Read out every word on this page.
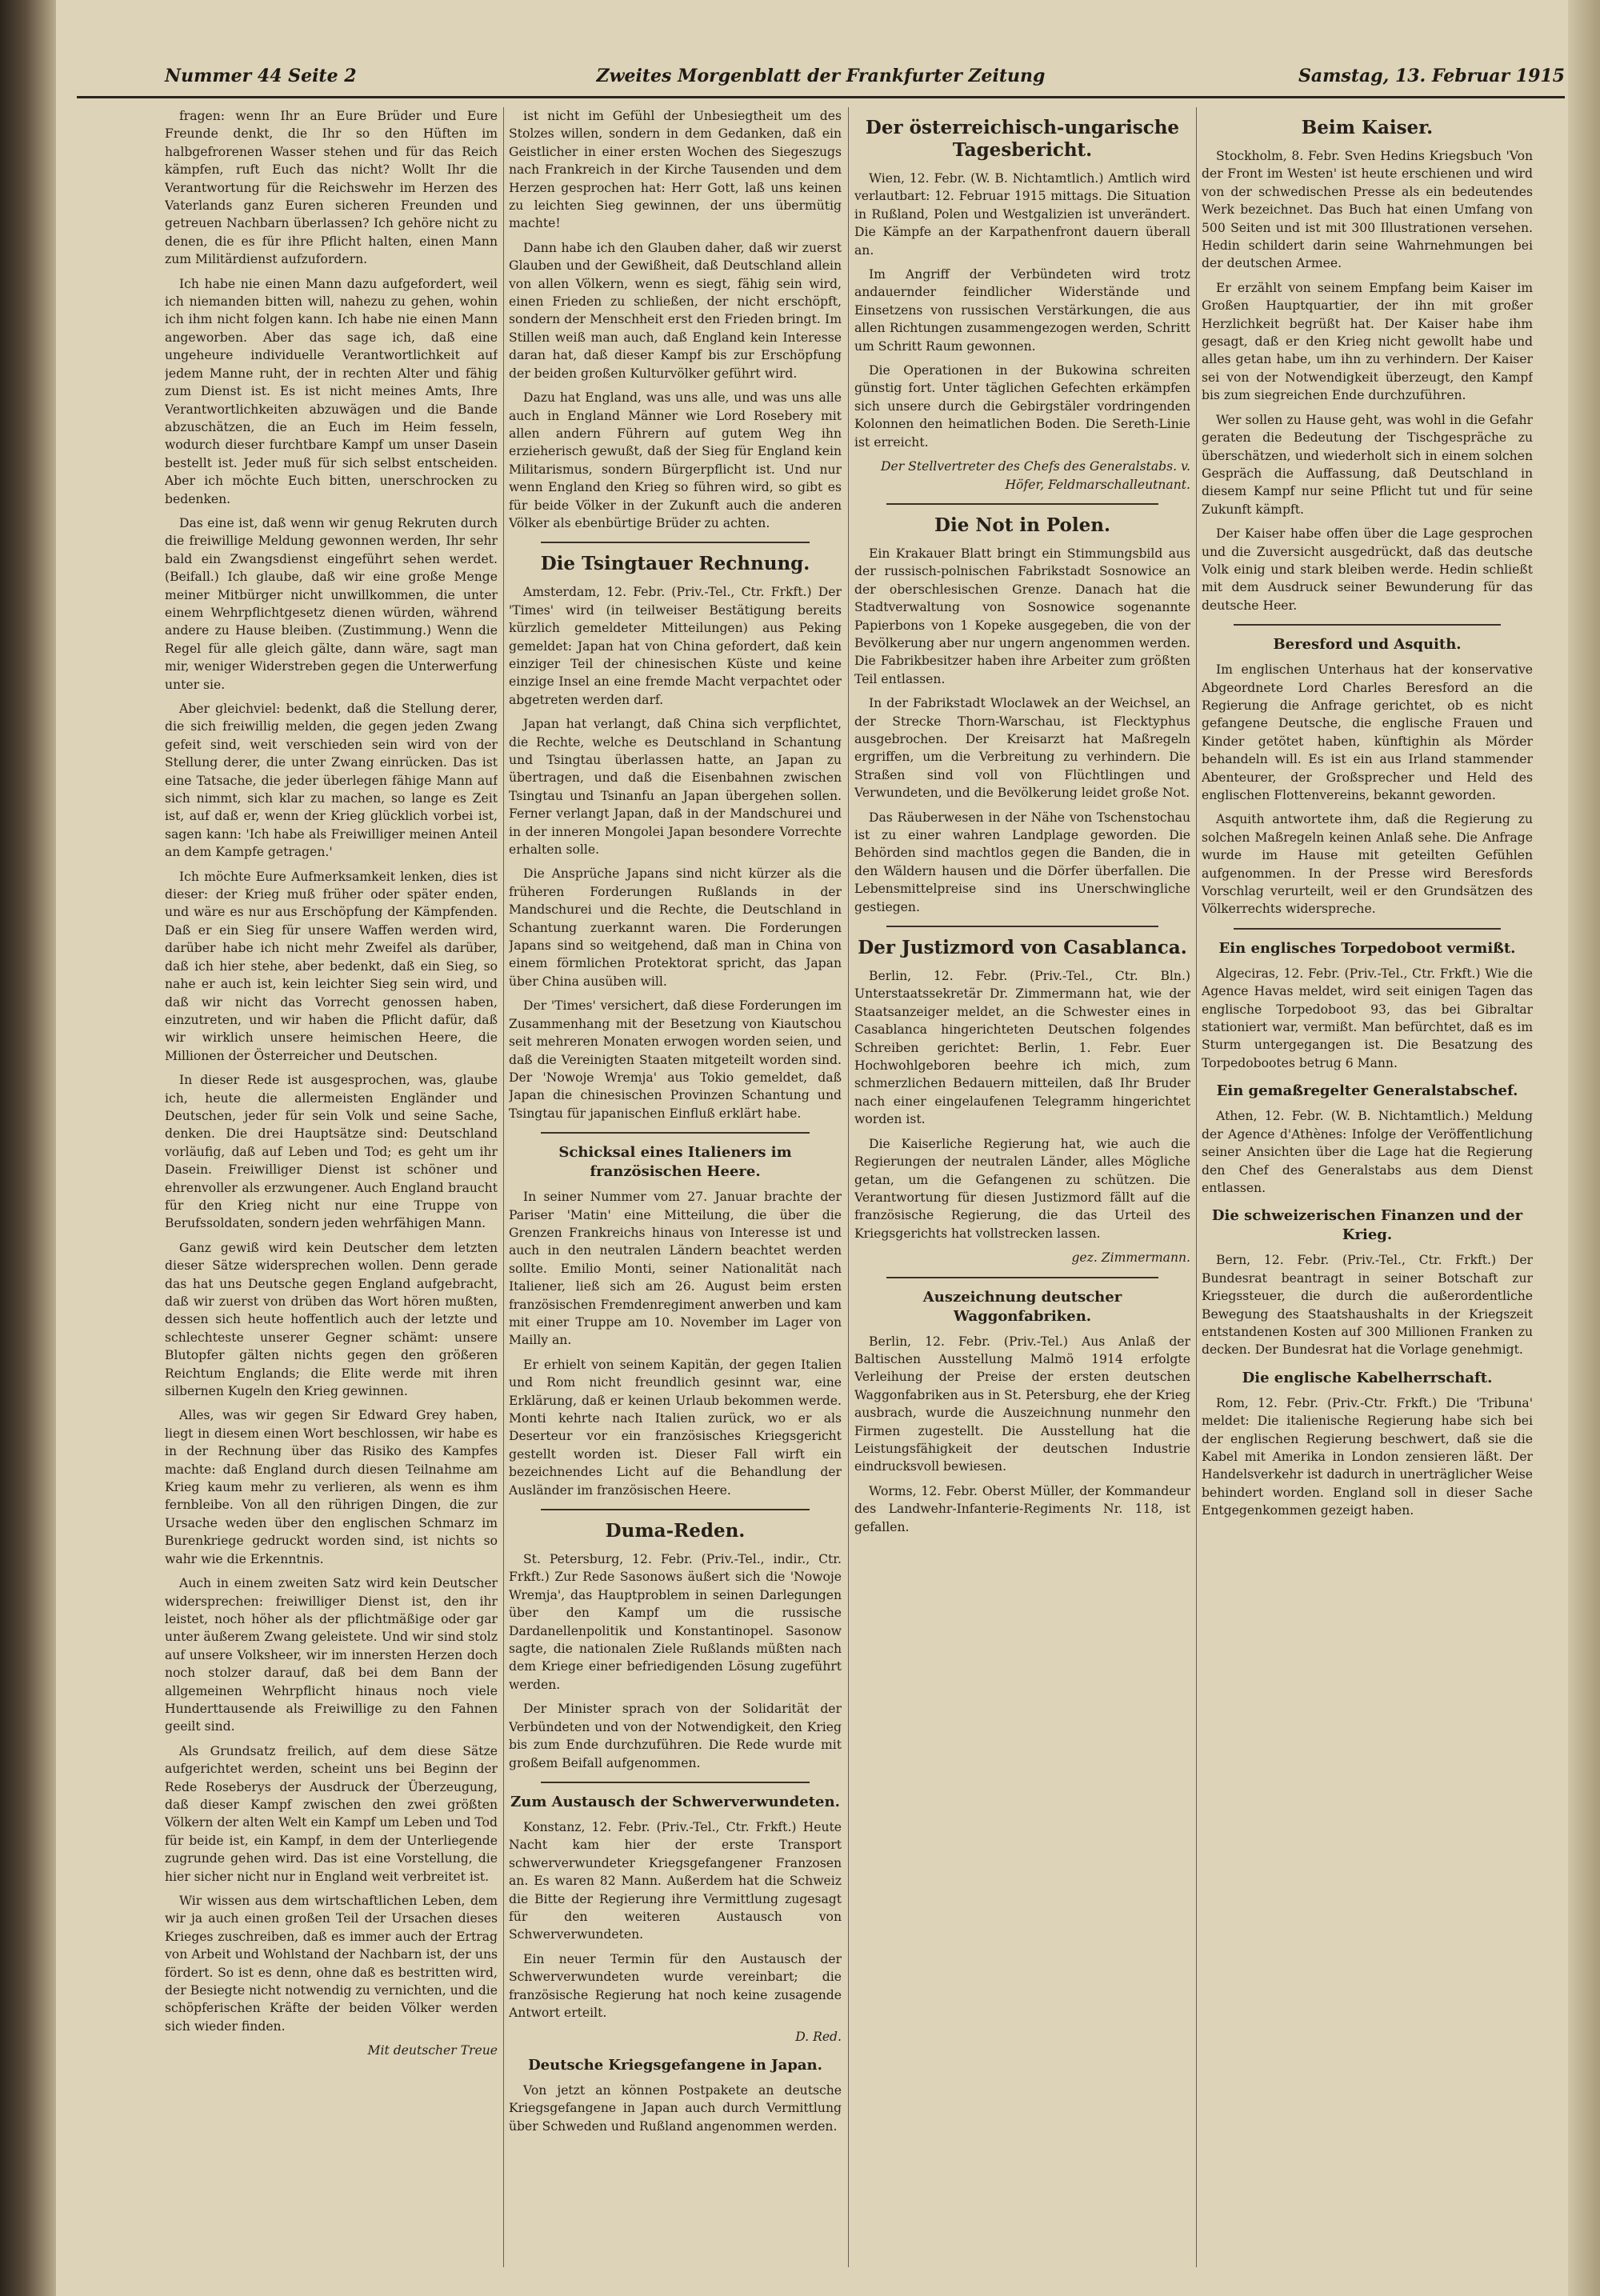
Nummer 44 Seite 2	Zweites Morgenblatt der Frankfurter Zeitung	Samstag, 13. Februar 1915

fragen: wenn Ihr an Eure Brüder und Eure Freunde denkt, die Ihr so den Hüften im halbgefrorenen Wasser stehen und für das Reich kämpfen, ruft Euch das nicht? Wollt Ihr die Verantwortung für die Reichswehr im Herzen des Vaterlands ganz Euren sicheren Freunden und getreuen Nachbarn überlassen? Ich gehöre nicht zu denen, die es für ihre Pflicht halten, einen Mann zum Militärdienst aufzufordern.

Ich habe nie einen Mann dazu aufgefordert, weil ich niemanden bitten will, nahezu zu gehen, wohin ich ihm nicht folgen kann. Ich habe nie einen Mann angeworben. Aber das sage ich, daß eine ungeheure individuelle Verantwortlichkeit auf jedem Manne ruht, der in rechten Alter und fähig zum Dienst ist. Es ist nicht meines Amts, Ihre Verantwortlichkeiten abzuwägen und die Bande abzuschätzen, die an Euch im Heim fesseln, wodurch dieser furchtbare Kampf um unser Dasein bestellt ist. Jeder muß für sich selbst entscheiden. Aber ich möchte Euch bitten, unerschrocken zu bedenken.

Das eine ist, daß wenn wir genug Rekruten durch die freiwillige Meldung gewonnen werden, Ihr sehr bald ein Zwangsdienst eingeführt sehen werdet. (Beifall.) Ich glaube, daß wir eine große Menge meiner Mitbürger nicht unwillkommen, die unter einem Wehrpflichtgesetz dienen würden, während andere zu Hause bleiben. (Zustimmung.) Wenn die Regel für alle gleich gälte, dann wäre, sagt man mir, weniger Widerstreben gegen die Unterwerfung unter sie.

Aber gleichviel: bedenkt, daß die Stellung derer, die sich freiwillig melden, die gegen jeden Zwang gefeit sind, weit verschieden sein wird von der Stellung derer, die unter Zwang einrücken. Das ist eine Tatsache, die jeder überlegen fähige Mann auf sich nimmt, sich klar zu machen, so lange es Zeit ist, auf daß er, wenn der Krieg glücklich vorbei ist, sagen kann: 'Ich habe als Freiwilliger meinen Anteil an dem Kampfe getragen.'

Ich möchte Eure Aufmerksamkeit lenken, dies ist dieser: der Krieg muß früher oder später enden, und wäre es nur aus Erschöpfung der Kämpfenden. Daß er ein Sieg für unsere Waffen werden wird, darüber habe ich nicht mehr Zweifel als darüber, daß ich hier stehe, aber bedenkt, daß ein Sieg, so nahe er auch ist, kein leichter Sieg sein wird, und daß wir nicht das Vorrecht genossen haben, einzutreten, und wir haben die Pflicht dafür, daß wir wirklich unsere heimischen Heere, die Millionen der Österreicher und Deutschen.

In dieser Rede ist ausgesprochen, was, glaube ich, heute die allermeisten Engländer und Deutschen, jeder für sein Volk und seine Sache, denken. Die drei Hauptsätze sind: Deutschland vorläufig, daß auf Leben und Tod; es geht um ihr Dasein. Freiwilliger Dienst ist schöner und ehrenvoller als erzwungener. Auch England braucht für den Krieg nicht nur eine Truppe von Berufssoldaten, sondern jeden wehrfähigen Mann.

Ganz gewiß wird kein Deutscher dem letzten dieser Sätze widersprechen wollen. Denn gerade das hat uns Deutsche gegen England aufgebracht, daß wir zuerst von drüben das Wort hören mußten, dessen sich heute hoffentlich auch der letzte und schlechteste unserer Gegner schämt: unsere Blutopfer gälten nichts gegen den größeren Reichtum Englands; die Elite werde mit ihren silbernen Kugeln den Krieg gewinnen.

Alles, was wir gegen Sir Edward Grey haben, liegt in diesem einen Wort beschlossen, wir habe es in der Rechnung über das Risiko des Kampfes machte: daß England durch diesen Teilnahme am Krieg kaum mehr zu verlieren, als wenn es ihm fernbleibe. Von all den rührigen Dingen, die zur Ursache weden über den englischen Schmarz im Burenkriege gedruckt worden sind, ist nichts so wahr wie die Erkenntnis.

Auch in einem zweiten Satz wird kein Deutscher widersprechen: freiwilliger Dienst ist, den ihr leistet, noch höher als der pflichtmäßige oder gar unter äußerem Zwang geleistete. Und wir sind stolz auf unsere Volksheer, wir im innersten Herzen doch noch stolzer darauf, daß bei dem Bann der allgemeinen Wehrpflicht hinaus noch viele Hunderttausende als Freiwillige zu den Fahnen geeilt sind.

Als Grundsatz freilich, auf dem diese Sätze aufgerichtet werden, scheint uns bei Beginn der Rede Roseberys der Ausdruck der Überzeugung, daß dieser Kampf zwischen den zwei größten Völkern der alten Welt ein Kampf um Leben und Tod für beide ist, ein Kampf, in dem der Unterliegende zugrunde gehen wird. Das ist eine Vorstellung, die hier sicher nicht nur in England weit verbreitet ist.

Wir wissen aus dem wirtschaftlichen Leben, dem wir ja auch einen großen Teil der Ursachen dieses Krieges zuschreiben, daß es immer auch der Ertrag von Arbeit und Wohlstand der Nachbarn ist, der uns fördert. So ist es denn, ohne daß es bestritten wird, der Besiegte nicht notwendig zu vernichten, und die schöpferischen Kräfte der beiden Völker werden sich wieder finden.

Mit deutscher Treue

ist nicht im Gefühl der Unbesiegtheit um des Stolzes willen, sondern in dem Gedanken, daß ein Geistlicher in einer ersten Wochen des Siegeszugs nach Frankreich in der Kirche Tausenden und dem Herzen gesprochen hat: Herr Gott, laß uns keinen zu leichten Sieg gewinnen, der uns übermütig machte!

Dann habe ich den Glauben daher, daß wir zuerst Glauben und der Gewißheit, daß Deutschland allein von allen Völkern, wenn es siegt, fähig sein wird, einen Frieden zu schließen, der nicht erschöpft, sondern der Menschheit erst den Frieden bringt. Im Stillen weiß man auch, daß England kein Interesse daran hat, daß dieser Kampf bis zur Erschöpfung der beiden großen Kulturvölker geführt wird.

Dazu hat England, was uns alle, und was uns alle auch in England Männer wie Lord Rosebery mit allen andern Führern auf gutem Weg ihn erzieherisch gewußt, daß der Sieg für England kein Militarismus, sondern Bürgerpflicht ist. Und nur wenn England den Krieg so führen wird, so gibt es für beide Völker in der Zukunft auch die anderen Völker als ebenbürtige Brüder zu achten.

Die Tsingtauer Rechnung.

Amsterdam, 12. Febr. (Priv.-Tel., Ctr. Frkft.) Der 'Times' wird (in teilweiser Bestätigung bereits kürzlich gemeldeter Mitteilungen) aus Peking gemeldet: Japan hat von China gefordert, daß kein einziger Teil der chinesischen Küste und keine einzige Insel an eine fremde Macht verpachtet oder abgetreten werden darf.

Japan hat verlangt, daß China sich verpflichtet, die Rechte, welche es Deutschland in Schantung und Tsingtau überlassen hatte, an Japan zu übertragen, und daß die Eisenbahnen zwischen Tsingtau und Tsinanfu an Japan übergehen sollen. Ferner verlangt Japan, daß in der Mandschurei und in der inneren Mongolei Japan besondere Vorrechte erhalten solle.

Die Ansprüche Japans sind nicht kürzer als die früheren Forderungen Rußlands in der Mandschurei und die Rechte, die Deutschland in Schantung zuerkannt waren. Die Forderungen Japans sind so weitgehend, daß man in China von einem förmlichen Protektorat spricht, das Japan über China ausüben will.

Der 'Times' versichert, daß diese Forderungen im Zusammenhang mit der Besetzung von Kiautschou seit mehreren Monaten erwogen worden seien, und daß die Vereinigten Staaten mitgeteilt worden sind. Der 'Nowoje Wremja' aus Tokio gemeldet, daß Japan die chinesischen Provinzen Schantung und Tsingtau für japanischen Einfluß erklärt habe.

Schicksal eines Italieners im französischen Heere.

In seiner Nummer vom 27. Januar brachte der Pariser 'Matin' eine Mitteilung, die über die Grenzen Frankreichs hinaus von Interesse ist und auch in den neutralen Ländern beachtet werden sollte. Emilio Monti, seiner Nationalität nach Italiener, ließ sich am 26. August beim ersten französischen Fremdenregiment anwerben und kam mit einer Truppe am 10. November im Lager von Mailly an.

Er erhielt von seinem Kapitän, der gegen Italien und Rom nicht freundlich gesinnt war, eine Erklärung, daß er keinen Urlaub bekommen werde. Monti kehrte nach Italien zurück, wo er als Deserteur vor ein französisches Kriegsgericht gestellt worden ist. Dieser Fall wirft ein bezeichnendes Licht auf die Behandlung der Ausländer im französischen Heere.

Duma-Reden.

St. Petersburg, 12. Febr. (Priv.-Tel., indir., Ctr. Frkft.) Zur Rede Sasonows äußert sich die 'Nowoje Wremja', das Hauptproblem in seinen Darlegungen über den Kampf um die russische Dardanellenpolitik und Konstantinopel. Sasonow sagte, die nationalen Ziele Rußlands müßten nach dem Kriege einer befriedigenden Lösung zugeführt werden.

Der Minister sprach von der Solidarität der Verbündeten und von der Notwendigkeit, den Krieg bis zum Ende durchzuführen. Die Rede wurde mit großem Beifall aufgenommen.

Zum Austausch der Schwerverwundeten.

Konstanz, 12. Febr. (Priv.-Tel., Ctr. Frkft.) Heute Nacht kam hier der erste Transport schwerverwundeter Kriegsgefangener Franzosen an. Es waren 82 Mann. Außerdem hat die Schweiz die Bitte der Regierung ihre Vermittlung zugesagt für den weiteren Austausch von Schwerverwundeten.

Ein neuer Termin für den Austausch der Schwerverwundeten wurde vereinbart; die französische Regierung hat noch keine zusagende Antwort erteilt.

D. Red.

Deutsche Kriegsgefangene in Japan.

Von jetzt an können Postpakete an deutsche Kriegsgefangene in Japan auch durch Vermittlung über Schweden und Rußland angenommen werden.

Der österreichisch-ungarische Tagesbericht.

Wien, 12. Febr. (W. B. Nichtamtlich.) Amtlich wird verlautbart: 12. Februar 1915 mittags. Die Situation in Rußland, Polen und Westgalizien ist unverändert. Die Kämpfe an der Karpathenfront dauern überall an.

Im Angriff der Verbündeten wird trotz andauernder feindlicher Widerstände und Einsetzens von russischen Verstärkungen, die aus allen Richtungen zusammengezogen werden, Schritt um Schritt Raum gewonnen.

Die Operationen in der Bukowina schreiten günstig fort. Unter täglichen Gefechten erkämpfen sich unsere durch die Gebirgstäler vordringenden Kolonnen den heimatlichen Boden. Die Sereth-Linie ist erreicht.

Der Stellvertreter des Chefs des Generalstabs. v. Höfer, Feldmarschalleutnant.

Die Not in Polen.

Ein Krakauer Blatt bringt ein Stimmungsbild aus der russisch-polnischen Fabrikstadt Sosnowice an der oberschlesischen Grenze. Danach hat die Stadtverwaltung von Sosnowice sogenannte Papierbons von 1 Kopeke ausgegeben, die von der Bevölkerung aber nur ungern angenommen werden. Die Fabrikbesitzer haben ihre Arbeiter zum größten Teil entlassen.

In der Fabrikstadt Wloclawek an der Weichsel, an der Strecke Thorn-Warschau, ist Flecktyphus ausgebrochen. Der Kreisarzt hat Maßregeln ergriffen, um die Verbreitung zu verhindern. Die Straßen sind voll von Flüchtlingen und Verwundeten, und die Bevölkerung leidet große Not.

Das Räuberwesen in der Nähe von Tschenstochau ist zu einer wahren Landplage geworden. Die Behörden sind machtlos gegen die Banden, die in den Wäldern hausen und die Dörfer überfallen. Die Lebensmittelpreise sind ins Unerschwingliche gestiegen.

Der Justizmord von Casablanca.

Berlin, 12. Febr. (Priv.-Tel., Ctr. Bln.) Unterstaatssekretär Dr. Zimmermann hat, wie der Staatsanzeiger meldet, an die Schwester eines in Casablanca hingerichteten Deutschen folgendes Schreiben gerichtet: Berlin, 1. Febr. Euer Hochwohlgeboren beehre ich mich, zum schmerzlichen Bedauern mitteilen, daß Ihr Bruder nach einer eingelaufenen Telegramm hingerichtet worden ist.

Die Kaiserliche Regierung hat, wie auch die Regierungen der neutralen Länder, alles Mögliche getan, um die Gefangenen zu schützen. Die Verantwortung für diesen Justizmord fällt auf die französische Regierung, die das Urteil des Kriegsgerichts hat vollstrecken lassen.

gez. Zimmermann.

Auszeichnung deutscher Waggonfabriken.

Berlin, 12. Febr. (Priv.-Tel.) Aus Anlaß der Baltischen Ausstellung Malmö 1914 erfolgte Verleihung der Preise der ersten deutschen Waggonfabriken aus in St. Petersburg, ehe der Krieg ausbrach, wurde die Auszeichnung nunmehr den Firmen zugestellt. Die Ausstellung hat die Leistungsfähigkeit der deutschen Industrie eindrucksvoll bewiesen.

Worms, 12. Febr. Oberst Müller, der Kommandeur des Landwehr-Infanterie-Regiments Nr. 118, ist gefallen.

Beim Kaiser.

Stockholm, 8. Febr. Sven Hedins Kriegsbuch 'Von der Front im Westen' ist heute erschienen und wird von der schwedischen Presse als ein bedeutendes Werk bezeichnet. Das Buch hat einen Umfang von 500 Seiten und ist mit 300 Illustrationen versehen. Hedin schildert darin seine Wahrnehmungen bei der deutschen Armee.

Er erzählt von seinem Empfang beim Kaiser im Großen Hauptquartier, der ihn mit großer Herzlichkeit begrüßt hat. Der Kaiser habe ihm gesagt, daß er den Krieg nicht gewollt habe und alles getan habe, um ihn zu verhindern. Der Kaiser sei von der Notwendigkeit überzeugt, den Kampf bis zum siegreichen Ende durchzuführen.

Wer sollen zu Hause geht, was wohl in die Gefahr geraten die Bedeutung der Tischgespräche zu überschätzen, und wiederholt sich in einem solchen Gespräch die Auffassung, daß Deutschland in diesem Kampf nur seine Pflicht tut und für seine Zukunft kämpft.

Der Kaiser habe offen über die Lage gesprochen und die Zuversicht ausgedrückt, daß das deutsche Volk einig und stark bleiben werde. Hedin schließt mit dem Ausdruck seiner Bewunderung für das deutsche Heer.

Beresford und Asquith.

Im englischen Unterhaus hat der konservative Abgeordnete Lord Charles Beresford an die Regierung die Anfrage gerichtet, ob es nicht gefangene Deutsche, die englische Frauen und Kinder getötet haben, künftighin als Mörder behandeln will. Es ist ein aus Irland stammender Abenteurer, der Großsprecher und Held des englischen Flottenvereins, bekannt geworden.

Asquith antwortete ihm, daß die Regierung zu solchen Maßregeln keinen Anlaß sehe. Die Anfrage wurde im Hause mit geteilten Gefühlen aufgenommen. In der Presse wird Beresfords Vorschlag verurteilt, weil er den Grundsätzen des Völkerrechts widerspreche.

Ein englisches Torpedoboot vermißt.

Algeciras, 12. Febr. (Priv.-Tel., Ctr. Frkft.) Wie die Agence Havas meldet, wird seit einigen Tagen das englische Torpedoboot 93, das bei Gibraltar stationiert war, vermißt. Man befürchtet, daß es im Sturm untergegangen ist. Die Besatzung des Torpedobootes betrug 6 Mann.

Ein gemaßregelter Generalstabschef.

Athen, 12. Febr. (W. B. Nichtamtlich.) Meldung der Agence d'Athènes: Infolge der Veröffentlichung seiner Ansichten über die Lage hat die Regierung den Chef des Generalstabs aus dem Dienst entlassen.

Die schweizerischen Finanzen und der Krieg.

Bern, 12. Febr. (Priv.-Tel., Ctr. Frkft.) Der Bundesrat beantragt in seiner Botschaft zur Kriegssteuer, die durch die außerordentliche Bewegung des Staatshaushalts in der Kriegszeit entstandenen Kosten auf 300 Millionen Franken zu decken. Der Bundesrat hat die Vorlage genehmigt.

Die englische Kabelherrschaft.

Rom, 12. Febr. (Priv.-Ctr. Frkft.) Die 'Tribuna' meldet: Die italienische Regierung habe sich bei der englischen Regierung beschwert, daß sie die Kabel mit Amerika in London zensieren läßt. Der Handelsverkehr ist dadurch in unerträglicher Weise behindert worden. England soll in dieser Sache Entgegenkommen gezeigt haben.
